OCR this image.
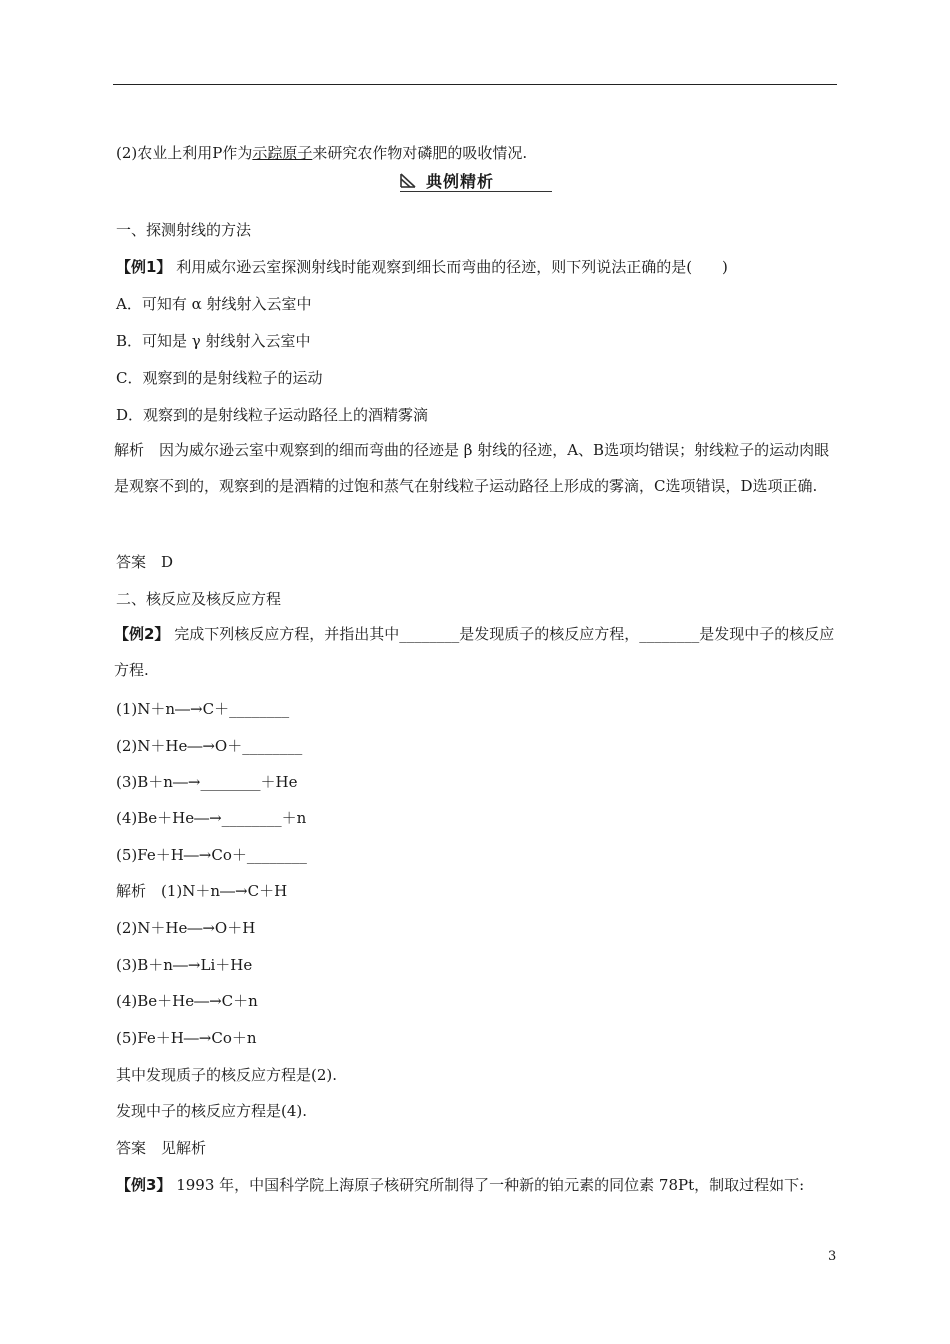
(2)农业上利用P作为示踪原子来研究农作物对磷肥的吸收情况.
典例精析
一、探测射线的方法
【例1】 利用威尔逊云室探测射线时能观察到细长而弯曲的径迹，则下列说法正确的是(　　)
A．可知有 α 射线射入云室中
B．可知是 γ 射线射入云室中
C．观察到的是射线粒子的运动
D．观察到的是射线粒子运动路径上的酒精雾滴
解析　因为威尔逊云室中观察到的细而弯曲的径迹是 β 射线的径迹，A、B选项均错误；射线粒子的运动肉眼是观察不到的，观察到的是酒精的过饱和蒸气在射线粒子运动路径上形成的雾滴，C选项错误，D选项正确.
答案　D
二、核反应及核反应方程
【例2】 完成下列核反应方程，并指出其中________是发现质子的核反应方程，________是发现中子的核反应方程.
(1)N＋n―→C＋________
(2)N＋He―→O＋________
(3)B＋n―→________＋He
(4)Be＋He―→________＋n
(5)Fe＋H―→Co＋________
解析　(1)N＋n―→C＋H
(2)N＋He―→O＋H
(3)B＋n―→Li＋He
(4)Be＋He―→C＋n
(5)Fe＋H―→Co＋n
其中发现质子的核反应方程是(2).
发现中子的核反应方程是(4).
答案　见解析
【例3】 1993 年，中国科学院上海原子核研究所制得了一种新的铂元素的同位素 78Pt，制取过程如下:
3
